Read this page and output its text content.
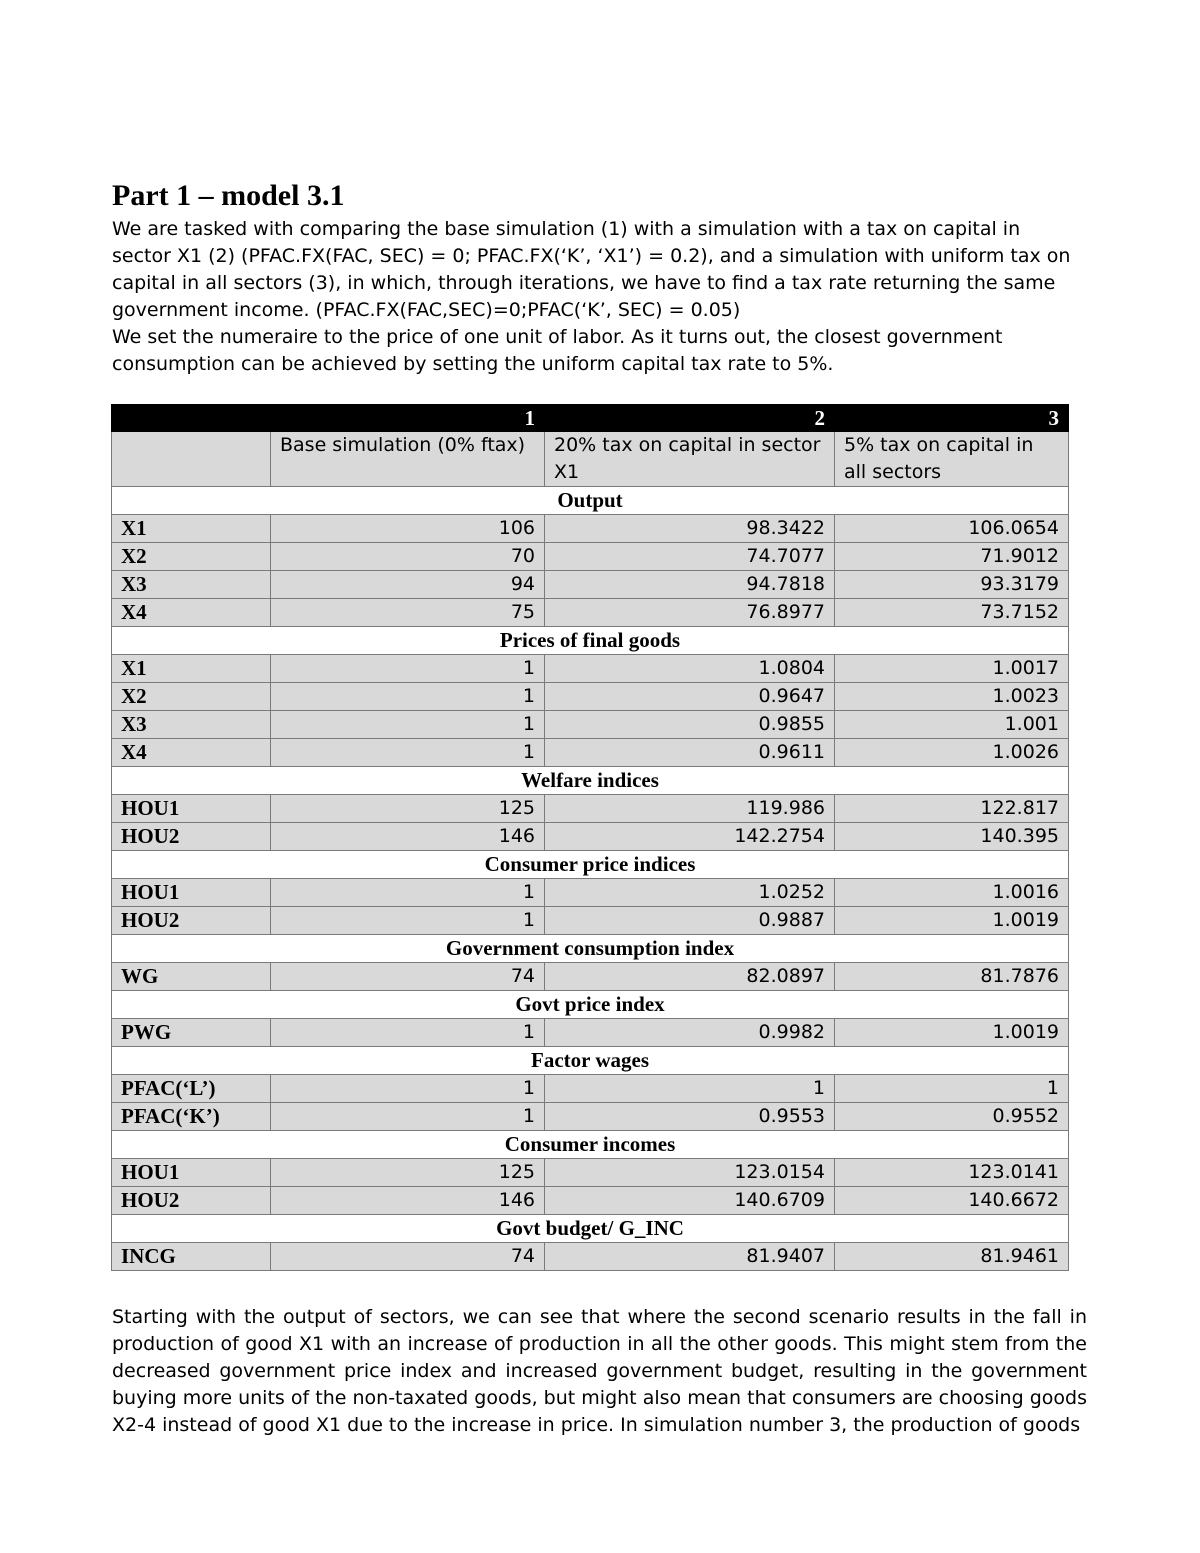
Part 1 – model 3.1

We are tasked with comparing the base simulation (1) with a simulation with a tax on capital in sector X1 (2) (PFAC.FX(FAC, SEC) = 0; PFAC.FX(‘K’, ‘X1’) = 0.2), and a simulation with uniform tax on capital in all sectors (3), in which, through iterations, we have to find a tax rate returning the same government income. (PFAC.FX(FAC,SEC)=0;PFAC(‘K’, SEC) = 0.05)

We set the numeraire to the price of one unit of labor. As it turns out, the closest government consumption can be achieved by setting the uniform capital tax rate to 5%.

	1	2	3
	Base simulation (0% ftax)	20% tax on capital in sector X1	5% tax on capital in all sectors
Output			
X1	106	98.3422	106.0654
X2	70	74.7077	71.9012
X3	94	94.7818	93.3179
X4	75	76.8977	73.7152
Prices of final goods			
X1	1	1.0804	1.0017
X2	1	0.9647	1.0023
X3	1	0.9855	1.001
X4	1	0.9611	1.0026
Welfare indices			
HOU1	125	119.986	122.817
HOU2	146	142.2754	140.395
Consumer price indices			
HOU1	1	1.0252	1.0016
HOU2	1	0.9887	1.0019
Government consumption index			
WG	74	82.0897	81.7876
Govt price index			
PWG	1	0.9982	1.0019
Factor wages			
PFAC(‘L’)	1	1	1
PFAC(‘K’)	1	0.9553	0.9552
Consumer incomes			
HOU1	125	123.0154	123.0141
HOU2	146	140.6709	140.6672
Govt budget/ G_INC			
INCG	74	81.9407	81.9461

Starting with the output of sectors, we can see that where the second scenario results in the fall in production of good X1 with an increase of production in all the other goods. This might stem from the decreased government price index and increased government budget, resulting in the government buying more units of the non-taxated goods, but might also mean that consumers are choosing goods X2-4 instead of good X1 due to the increase in price. In simulation number 3, the production of goods
